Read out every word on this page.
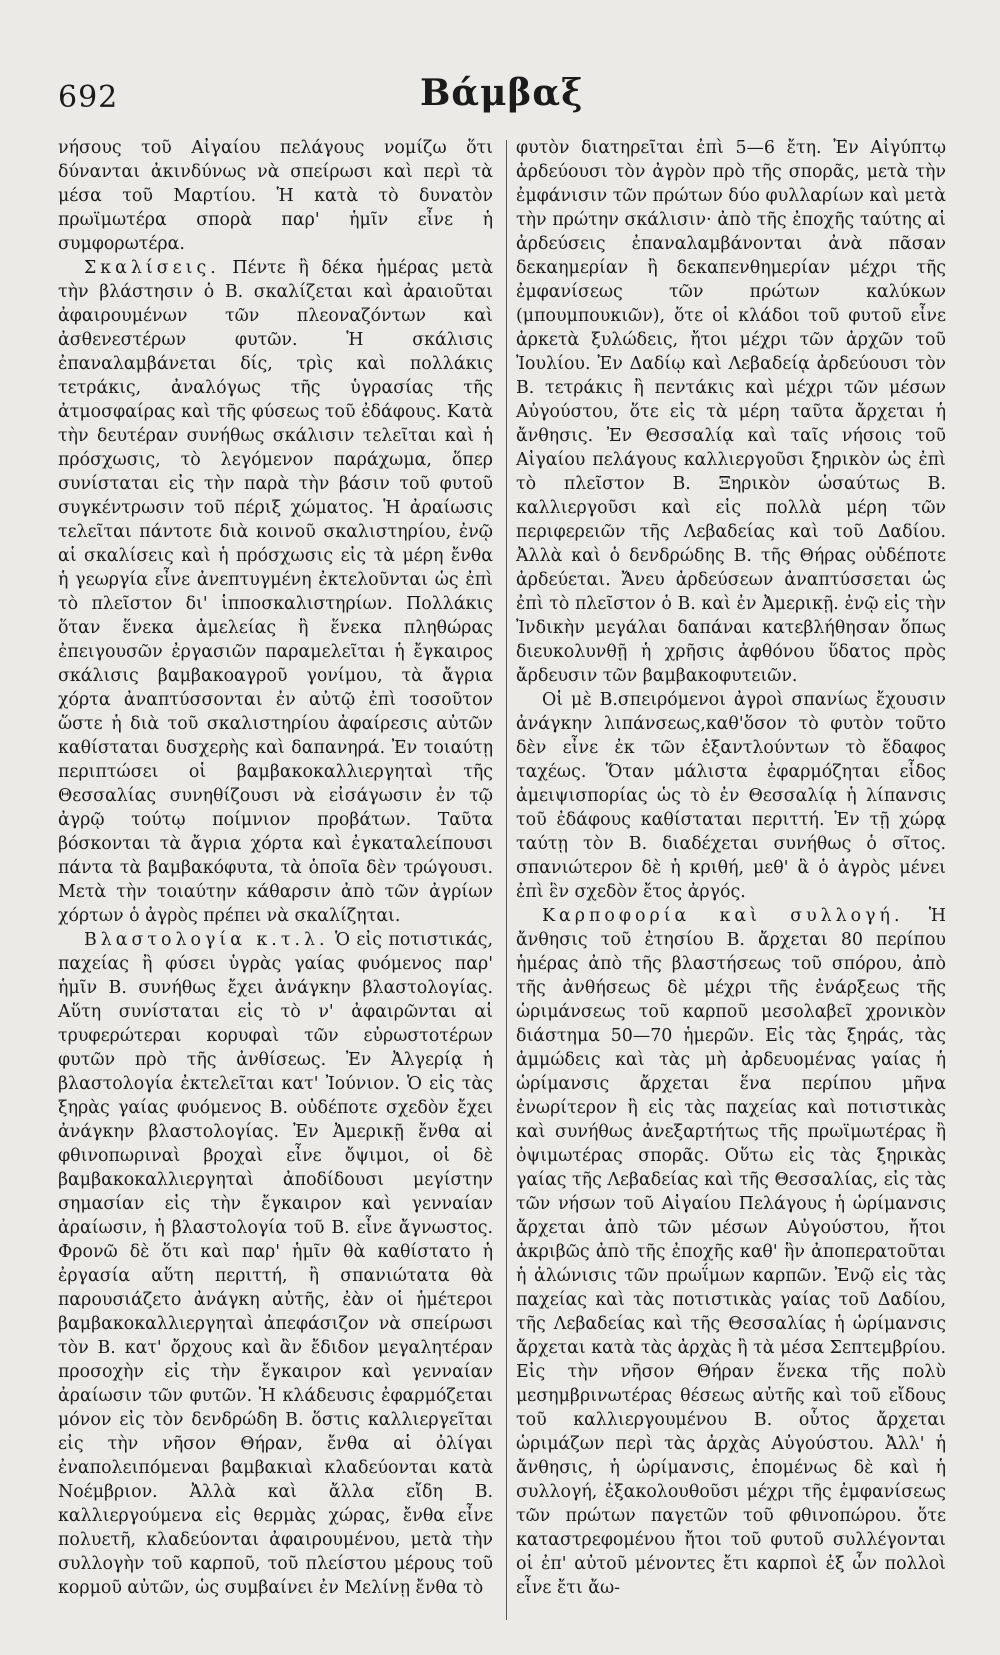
692	Βάμβαξ

νήσους τοῦ Αἰγαίου πελάγους νομίζω ὅτι δύνανται ἀκινδύνως νὰ σπείρωσι καὶ περὶ τὰ μέσα τοῦ Μαρτίου. Ἡ κατὰ τὸ δυνατὸν πρωϊμωτέρα σπορὰ παρ' ἡμῖν εἶνε ἡ συμφορωτέρα.

Σκαλίσεις. Πέντε ἢ δέκα ἡμέρας μετὰ τὴν βλάστησιν ὁ Β. σκαλίζεται καὶ ἀραιοῦται ἀφαιρουμένων τῶν πλεοναζόντων καὶ ἀσθενεστέρων φυτῶν. Ἡ σκάλισις ἐπαναλαμβάνεται δίς, τρὶς καὶ πολλάκις τετράκις, ἀναλόγως τῆς ὑγρασίας τῆς ἀτμοσφαίρας καὶ τῆς φύσεως τοῦ ἐδάφους. Κατὰ τὴν δευτέραν συνήθως σκάλισιν τελεῖται καὶ ἡ πρόσχωσις, τὸ λεγόμενον παράχωμα, ὅπερ συνίσταται εἰς τὴν παρὰ τὴν βάσιν τοῦ φυτοῦ συγκέντρωσιν τοῦ πέριξ χώματος. Ἡ ἀραίωσις τελεῖται πάντοτε διὰ κοινοῦ σκαλιστηρίου, ἐνῷ αἱ σκαλίσεις καὶ ἡ πρόσχωσις εἰς τὰ μέρη ἔνθα ἡ γεωργία εἶνε ἀνεπτυγμένη ἐκτελοῦνται ὡς ἐπὶ τὸ πλεῖστον δι' ἱπποσκαλιστηρίων. Πολλάκις ὅταν ἕνεκα ἀμελείας ἢ ἕνεκα πληθώρας ἐπειγουσῶν ἐργασιῶν παραμελεῖται ἡ ἔγκαιρος σκάλισις βαμβακοαγροῦ γονίμου, τὰ ἄγρια χόρτα ἀναπτύσσονται ἐν αὐτῷ ἐπὶ τοσοῦτον ὥστε ἡ διὰ τοῦ σκαλιστηρίου ἀφαίρεσις αὐτῶν καθίσταται δυσχερὴς καὶ δαπανηρά. Ἐν τοιαύτῃ περιπτώσει οἱ βαμβακοκαλλιεργηταὶ τῆς Θεσσαλίας συνηθίζουσι νὰ εἰσάγωσιν ἐν τῷ ἀγρῷ τούτῳ ποίμνιον προβάτων. Ταῦτα βόσκονται τὰ ἄγρια χόρτα καὶ ἐγκαταλείπουσι πάντα τὰ βαμβακόφυτα, τὰ ὁποῖα δὲν τρώγουσι. Μετὰ τὴν τοιαύτην κάθαρσιν ἀπὸ τῶν ἀγρίων χόρτων ὁ ἀγρὸς πρέπει νὰ σκαλίζηται.

Βλαστολογία κ.τ.λ. Ὁ εἰς ποτιστικάς, παχείας ἢ φύσει ὑγρὰς γαίας φυόμενος παρ' ἡμῖν Β. συνήθως ἔχει ἀνάγκην βλαστολογίας. Αὕτη συνίσταται εἰς τὸ ν' ἀφαιρῶνται αἱ τρυφερώτεραι κορυφαὶ τῶν εὐρωστοτέρων φυτῶν πρὸ τῆς ἀνθίσεως. Ἐν Ἀλγερίᾳ ἡ βλαστολογία ἐκτελεῖται κατ' Ἰούνιον. Ὁ εἰς τὰς ξηρὰς γαίας φυόμενος Β. οὐδέποτε σχεδὸν ἔχει ἀνάγκην βλαστολογίας. Ἐν Ἀμερικῇ ἔνθα αἱ φθινοπωριναὶ βροχαὶ εἶνε ὄψιμοι, οἱ δὲ βαμβακοκαλλιεργηταὶ ἀποδίδουσι μεγίστην σημασίαν εἰς τὴν ἔγκαιρον καὶ γενναίαν ἀραίωσιν, ἡ βλαστολογία τοῦ Β. εἶνε ἄγνωστος. Φρονῶ δὲ ὅτι καὶ παρ' ἡμῖν θὰ καθίστατο ἡ ἐργασία αὕτη περιττή, ἢ σπανιώτατα θὰ παρουσιάζετο ἀνάγκη αὐτῆς, ἐὰν οἱ ἡμέτεροι βαμβακοκαλλιεργηταὶ ἀπεφάσιζον νὰ σπείρωσι τὸν Β. κατ' ὄρχους καὶ ἂν ἔδιδον μεγαλητέραν προσοχὴν εἰς τὴν ἔγκαιρον καὶ γενναίαν ἀραίωσιν τῶν φυτῶν. Ἡ κλάδευσις ἐφαρμόζεται μόνον εἰς τὸν δενδρώδη Β. ὅστις καλλιεργεῖται εἰς τὴν νῆσον Θήραν, ἔνθα αἱ ὀλίγαι ἐναπολειπόμεναι βαμβακιαὶ κλαδεύονται κατὰ Νοέμβριον. Ἀλλὰ καὶ ἄλλα εἴδη Β. καλλιεργούμενα εἰς θερμὰς χώρας, ἔνθα εἶνε πολυετῆ, κλαδεύονται ἀφαιρουμένου, μετὰ τὴν συλλογὴν τοῦ καρποῦ, τοῦ πλείστου μέρους τοῦ κορμοῦ αὐτῶν, ὡς συμβαίνει ἐν Μελίνῃ ἔνθα τὸ

φυτὸν διατηρεῖται ἐπὶ 5—6 ἔτη. Ἐν Αἰγύπτῳ ἀρδεύουσι τὸν ἀγρὸν πρὸ τῆς σπορᾶς, μετὰ τὴν ἐμφάνισιν τῶν πρώτων δύο φυλλαρίων καὶ μετὰ τὴν πρώτην σκάλισιν· ἀπὸ τῆς ἐποχῆς ταύτης αἱ ἀρδεύσεις ἐπαναλαμβάνονται ἀνὰ πᾶσαν δεκαημερίαν ἢ δεκαπενθημερίαν μέχρι τῆς ἐμφανίσεως τῶν πρώτων καλύκων (μπουμπουκιῶν), ὅτε οἱ κλάδοι τοῦ φυτοῦ εἶνε ἀρκετὰ ξυλώδεις, ἤτοι μέχρι τῶν ἀρχῶν τοῦ Ἰουλίου. Ἐν Δαδίῳ καὶ Λεβαδείᾳ ἀρδεύουσι τὸν Β. τετράκις ἢ πεντάκις καὶ μέχρι τῶν μέσων Αὐγούστου, ὅτε εἰς τὰ μέρη ταῦτα ἄρχεται ἡ ἄνθησις. Ἐν Θεσσαλίᾳ καὶ ταῖς νήσοις τοῦ Αἰγαίου πελάγους καλλιεργοῦσι ξηρικὸν ὡς ἐπὶ τὸ πλεῖστον Β. Ξηρικὸν ὡσαύτως Β. καλλιεργοῦσι καὶ εἰς πολλὰ μέρη τῶν περιφερειῶν τῆς Λεβαδείας καὶ τοῦ Δαδίου. Ἀλλὰ καὶ ὁ δενδρώδης Β. τῆς Θήρας οὐδέποτε ἀρδεύεται. Ἄνευ ἀρδεύσεων ἀναπτύσσεται ὡς ἐπὶ τὸ πλεῖστον ὁ Β. καὶ ἐν Ἀμερικῇ. ἐνῷ εἰς τὴν Ἰνδικὴν μεγάλαι δαπάναι κατεβλήθησαν ὅπως διευκολυνθῇ ἡ χρῆσις ἀφθόνου ὕδατος πρὸς ἄρδευσιν τῶν βαμβακοφυτειῶν.

Οἱ μὲ Β.σπειρόμενοι ἀγροὶ σπανίως ἔχουσιν ἀνάγκην λιπάνσεως,καθ'ὅσον τὸ φυτὸν τοῦτο δὲν εἶνε ἐκ τῶν ἐξαντλούντων τὸ ἔδαφος ταχέως. Ὅταν μάλιστα ἐφαρμόζηται εἶδος ἀμειψισπορίας ὡς τὸ ἐν Θεσσαλίᾳ ἡ λίπανσις τοῦ ἐδάφους καθίσταται περιττή. Ἐν τῇ χώρᾳ ταύτῃ τὸν Β. διαδέχεται συνήθως ὁ σῖτος. σπανιώτερον δὲ ἡ κριθή, μεθ' ἃ ὁ ἀγρὸς μένει ἐπὶ ἓν σχεδὸν ἔτος ἀργός.

Καρποφορία καὶ συλλογή. Ἡ ἄνθησις τοῦ ἐτησίου Β. ἄρχεται 80 περίπου ἡμέρας ἀπὸ τῆς βλαστήσεως τοῦ σπόρου, ἀπὸ τῆς ἀνθήσεως δὲ μέχρι τῆς ἐνάρξεως τῆς ὡριμάνσεως τοῦ καρποῦ μεσολαβεῖ χρονικὸν διάστημα 50—70 ἡμερῶν. Εἰς τὰς ξηράς, τὰς ἀμμώδεις καὶ τὰς μὴ ἀρδευομένας γαίας ἡ ὡρίμανσις ἄρχεται ἕνα περίπου μῆνα ἐνωρίτερον ἢ εἰς τὰς παχείας καὶ ποτιστικὰς καὶ συνήθως ἀνεξαρτήτως τῆς πρωϊμωτέρας ἢ ὀψιμωτέρας σπορᾶς. Οὕτω εἰς τὰς ξηρικὰς γαίας τῆς Λεβαδείας καὶ τῆς Θεσσαλίας, εἰς τὰς τῶν νήσων τοῦ Αἰγαίου Πελάγους ἡ ὡρίμανσις ἄρχεται ἀπὸ τῶν μέσων Αὐγούστου, ἤτοι ἀκριβῶς ἀπὸ τῆς ἐποχῆς καθ' ἣν ἀποπερατοῦται ἡ ἁλώνισις τῶν πρωΐμων καρπῶν. Ἐνῷ εἰς τὰς παχείας καὶ τὰς ποτιστικὰς γαίας τοῦ Δαδίου, τῆς Λεβαδείας καὶ τῆς Θεσσαλίας ἡ ὡρίμανσις ἄρχεται κατὰ τὰς ἀρχὰς ἢ τὰ μέσα Σεπτεμβρίου. Εἰς τὴν νῆσον Θήραν ἕνεκα τῆς πολὺ μεσημβρινωτέρας θέσεως αὐτῆς καὶ τοῦ εἴδους τοῦ καλλιεργουμένου Β. οὗτος ἄρχεται ὡριμάζων περὶ τὰς ἀρχὰς Αὐγούστου. Ἀλλ' ἡ ἄνθησις, ἡ ὡρίμανσις, ἑπομένως δὲ καὶ ἡ συλλογή, ἐξακολουθοῦσι μέχρι τῆς ἐμφανίσεως τῶν πρώτων παγετῶν τοῦ φθινοπώρου. ὅτε καταστρεφομένου ἤτοι τοῦ φυτοῦ συλλέγονται οἱ ἐπ' αὐτοῦ μένοντες ἔτι καρποὶ ἐξ ὧν πολλοὶ εἶνε ἔτι ἄω-
